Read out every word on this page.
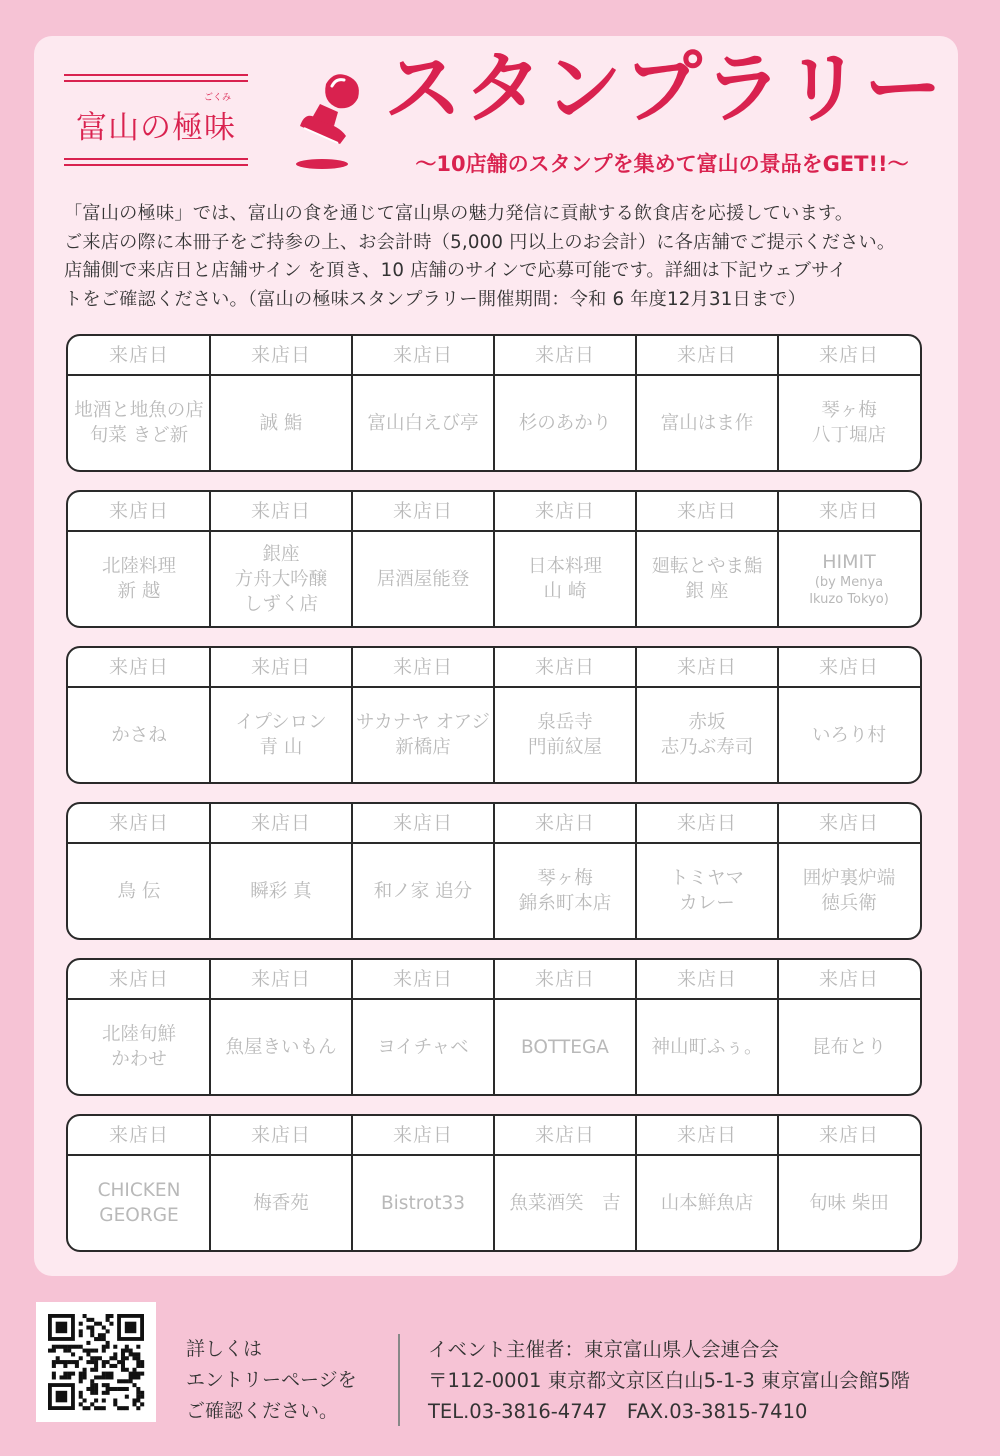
富山の極味
ごくみ スタンプラリー
〜10店舗のスタンプを集めて富山の景品をGET!!〜

「富山の極味」では、富山の食を通じて富山県の魅力発信に貢献する飲食店を応援しています。

ご来店の際に本冊子をご持参の上、お会計時（5,000 円以上のお会計）に各店舗でご提示ください。

店舗側で来店日と店舗サイン を頂き、10 店舗のサインで応募可能です。詳細は下記ウェブサイ

トをご確認ください。（富山の極味スタンプラリー開催期間：令和 6 年度12月31日まで）

来店日
地酒と地魚の店
旬菜 きど新
来店日
誠 鮨
来店日
富山白えび亭
来店日
杉のあかり
来店日
富山はま作
来店日
琴ヶ梅
八丁堀店
来店日
北陸料理
新 越
来店日
銀座
方舟大吟醸
しずく店
来店日
居酒屋能登
来店日
日本料理
山 崎
来店日
廻転とやま鮨
銀 座
来店日
HIMIT
(by Menya
Ikuzo Tokyo)
来店日
かさね
来店日
イプシロン
青 山
来店日
サカナヤ オアジ
新橋店
来店日
泉岳寺
門前紋屋
来店日
赤坂
志乃ぶ寿司
来店日
いろり村
来店日
鳥 伝
来店日
瞬彩 真
来店日
和ノ家 追分
来店日
琴ヶ梅
錦糸町本店
来店日
トミヤマ
カレー
来店日
囲炉裏炉端
徳兵衛
来店日
北陸旬鮮
かわせ
来店日
魚屋きいもん
来店日
ヨイチャベ
来店日
BOTTEGA
来店日
神山町ふぅ。
来店日
昆布とり
来店日
CHICKEN
GEORGE
来店日
梅香苑
来店日
Bistrot33
来店日
魚菜酒笑　吉
来店日
山本鮮魚店
来店日
旬味 柴田

詳しくは

エントリーページを

ご確認ください。

イベント主催者：東京富山県人会連合会

〒112-0001 東京都文京区白山5-1-3 東京富山会館5階

TEL.03-3816-4747　FAX.03-3815-7410
